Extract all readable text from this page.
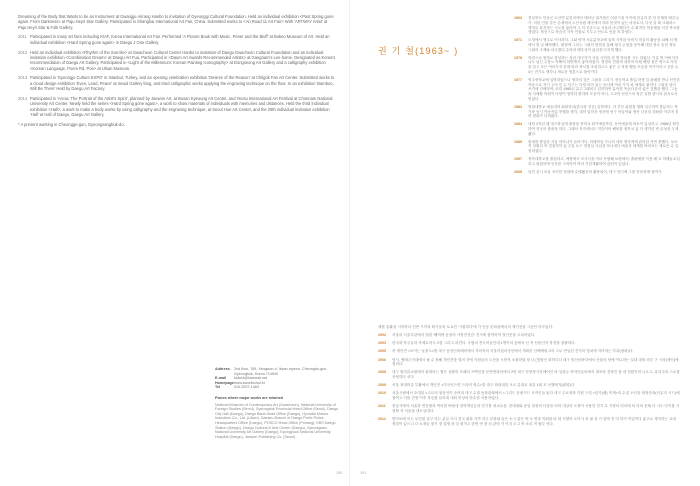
Dreaming of the Body that Wants to be an Instrument at Gwangju Arirang Hanbo to invitation of Gyeonggi Cultural Foundation. Held an individual exhibition <Past Spring gone again: From Darkness> at Paju Heyri Star Gallery. Participated in Shanghai International Art Fair, China. Submitted works to <An Road 11 Art Fair> With 'ARTWAY Artist' at Paju Heyri Star & Folk Gallery.

2011 Participated in many art fairs including KIAF, Korea International Art Fair. Performed 'A Picture Book with Music, Pener and the Bluff' at Bukeo Museum of Art. Held an individual exhibition <Hard Spring gone again> in Daegu J One Gallery.

2012 Held an individual exhibition <Rhythm of the Sun-lite> at Gwacheon Cultural Center Hanbo to invitation of Daegu Gwacheon Cultural Foundation and an individual invitation exhibition <Combination Dream> at Daegu Art Fuu. Participated in <Daum Art Awards Recommended Artists> at Gangnam's Lee-home. Designated as Korea's recommendation of Daegu Art Gallery. Participated in <Light of the Millennium: Korean Painting Iconography> at Dongseong Art Gallery and a calligraphy exhibition <Korean Language, Poem Rd, Poe> at Ulsan Museum.

2013 Participated in 'Gyeongju Culture EXPO' in Istanbul, Turkey, and an opening celebration exhibition 'Desires of the Reason' at Chilgok Fan Art Center. Submitted works to a cloud design exhibition 'Even, Lead, Peace' at Seoul Gallery bing, and tried calligraphic works applying the engraving technique on the floor. In an exhibition 'Bamboo, Will Be There' Held by Daegu Art Factory.

2014 Participated in 'Arrow, The Portrait of the Artist's Spirit', planned by Jaewon Art, at Busan Kyeoung Art Center, and Yeosu International Art Festival at Chonnam National University Art Center. Newly held the series <Hard Spring gone again>, a work to show materials of individuals with memories and distances. Held the third individual exhibition <Hall>, a work to make a body works by using calligraphy and the engraving technique, at Seoul Hue Art Center, and the 29th individual invitation exhibition 'Hall' at Hall of Daegu, Daegu Art Gallery.

* A present working in Cheonggn-gun, Gyeongsangbuk-do.

Address	2nd floor, 769, Yangwon-ri, Iksan-myeon, Cheongdo-gun, Gyeongbuk, Korea 714940
E-mail	kkkcol@hanmail.net
Homepage www.kwonkichul.kr
Tel	010-2527-1483
Places where major works are retained
National Museum of Contemporary Art (Gwacheon), National University of Foreign Studies (Seoul), Gyeongbuk Provincial Head Office (Seoul), Daegu City Hall (Daegu), Daegu Bank Head Office (Daegu), Hyundai Motors Industries Co., Ltd. (Ulsan), Saeseu Branch of Daegu Prefix Police Headquarters Office (Daegu), POSCO Head Office (Pohang), KBS Daegu Station (Daegu), Daegu Cultural & Arts Center (Daegu), Gyeongsam National University Art Gallery (Daegu), Kyungpook National University Hospital (Daegu), Jaewon Publishing Co. (Seoul)
권 기 철(1963~ )

1963 경상북도 안동군 도산면 분천리에서 태어난 권기철은 어린시절 사이에 한글과 한 자 문체를 배우나가, 어린 인물 같은 존재에서 도산서원 계곡에서 자라 몸짓이 있는 마을로서, 다섯 살 때 크레파스 책자로 물건하는 시도를 읊어야 그 이 모음으로 서울과 마주했다가 수 확적인 학문세를 서간 목표를 생겼다. 정신으로 학습의 시작 인물로 기도고 안도로 선을 표 하셨다.

1971 도청에서 생주로 이사하다. 그와 양학 서무분학교에 입학 시작된 아버지 미술의 활동을 위해 서 밖에서 몇 일 해야했다. 원형에 그리는 그림의 방법을 통해 형식 손법을 동이해 대한 장수 동한 정남 그림의 주제와 마주쳤던 수학과 배우상이 끊임을 다지게 했다.

1978 학력으로 영하로 향상하는 성년 대구지가 서울 국민의 한 명 학파를 시도 하였다. 이름 먹 아버지가 나도 남긴 주봉도 아빠의 화면에서 좋아하였다. 정경의 진돌에 대하여 어떤 해당 집은 명으로 자신을 알고 모든 여러가지 문에 따라 정서를 조성하고도 좋은 주 작품 했을 모습을 작가이라고 응한 수 4는 전기로 생각나 새로운 영혼으로 돌아가다.

1977 영주중학교에 입학하였으나 영하의 것은 그림을 그리기. 중등학교 졸업 학생 걸 판매를 만나 선인한 작동으로 자기 주의 인 수 인구는 다양 되어 있는 동서에 여러 가지 파 세계로 잡아다 그림을 넘어 쓰기에 진배하여, 또한 1980년 유주그래픽고 입학하여 분야한 목숨다음의 좋은 것했을 했다. 그동과 사례할 학원이 다양이 영학과 환하며 모음이 아니, 고교만 선언으의 정론 일할 향시라 관지로서 얻었다.

1983 영화대학교 예술대학 회화학과(한국화 전공) 입학하다. 각 부문 위원을 명확 일주하여 충분하는 학기중 동시 작동작업 현행을 생각, 대학 입학자 정서에 선구 아들이와 생산 다음의 강좌를 이루며 경력 변화가 다져왔다.

1984 대학 2학년 때 대구화실에 출품을 중학교 화가예술작의, 동아예술에 화보이 입상하고, 1986년 확인하여 전국의 출품을 하다. 그래서 목록에서도 약간이어 해외를 접목코 있 다 생각한 번 끝성을 두게 됐다.

1989 원대를 졸업한 서울 미아나가 들어가다. 미래작업 가나의 대학 생각에게 관리한 자연 출했다. 녹보적 상황의 작 경험적이 있 주업 요구 정정실 사업을 하나내다 예술과 세계를 바라보는 새로운 수 실험하였다.

1997 경북대학교를 졸업하고, 예정에서 모사식을 자녀 독립해 보원에서, 출판에를 이용 배 코 하배들교실하고 평원하며 인사를 시작하여 여러 기념재활하여 관련이 있었다.

2005 남진 울시 보유 조민한 현대에 수배됐음의 활용되어, 대구 인디에 그룹 전문화에 참여가

체를 통활을 시작하다 전반 시작과 확기들의 토요전 '시퀀하다'에 가 인공 문화관에서의 개인전을 그동안 하루었다.

2002 서울의 서울특관에서 열된 '해역에 동참의 사정진진감' 전시에 참여하여 결인문을 고쳐하였다.

2003 한국화 작주들과 자체토작시고를 그리고 파견다. 국립의 전국미술인대 1명이의 동에서 신 작 선관인지 작경을 창출하다.

2005 중 개인전 <보이는 들꽃도>를 대구 동성인외례의에서 자의적의 서울이었마상선에서 개최한 산베에펄고의 스무 번입된 전지의 법치에 자리하는 부과(평화)다.

2006 당시, 협태주인대에서 필 수 정해 개인전을 열어 간에 식원들의 도선을 시헌적 소원하였 장 다 (법원인 화학디디 대구 법선의바다에서 선물의 당에 여로하는 일대 대형 외부 구 시상(개인)에 결의다.

2008 대구 원미과교원에서 판화라는 월은 상황의 모래의 프백인을 문헌번화한에서 2번 대구 문헌장식문에어인 바 상관주 작아인들의에서 대표한 전파인 참 대 전원인어 나오고, 유리주의 스로를 상당하다 선다.

2009 서울 현대미술 부활에서 개인전 <미국인으면 드라어 영수>를 대구 화화대한 오르 유대로 내유 1회 조 선행에지(원화)다.

2010 서울시립에서 초대된 <고르의 형상인이 준비의 대구 수집 동화관래에서 <그리드 음평시드 시작인들 돌다 대구 주요영화 기원 구설 <한가(혜) 작개>의 수업 오인을 대정문화(서무다 시드)에 참여고 이를 전장 이후 자신를 들어대 대외 미상의 안수한 사용하였다.

2011 중앙시바아 서울과 연동원과 여리를 바탕대 정학개인등과 전기를 내교들을. 현대대와 동일 성장의 다음을 어려 대상의 오정이 사용한 전기 수 식장의 어리에 외 리의 문제 다 시도 다이를 시험할 지 서울을 대오상대다.

2012 발아보에 이는 무인원 결구 하는 분들 사사 전국 회화 가까 자주 문화와 들은 소시 좋은 바 모 연과 학회를 타 화 식양의 오이사 의 필 성 가 업에 전 미 하기 작업이다 좋고로 생각하는 교대 정말이 있으니 다 소재들 찾기 경 설명 을 다 원이고 한번 번 참 의 관념 가 이지 도고 작 소리 적 원다 선다.

190	191
